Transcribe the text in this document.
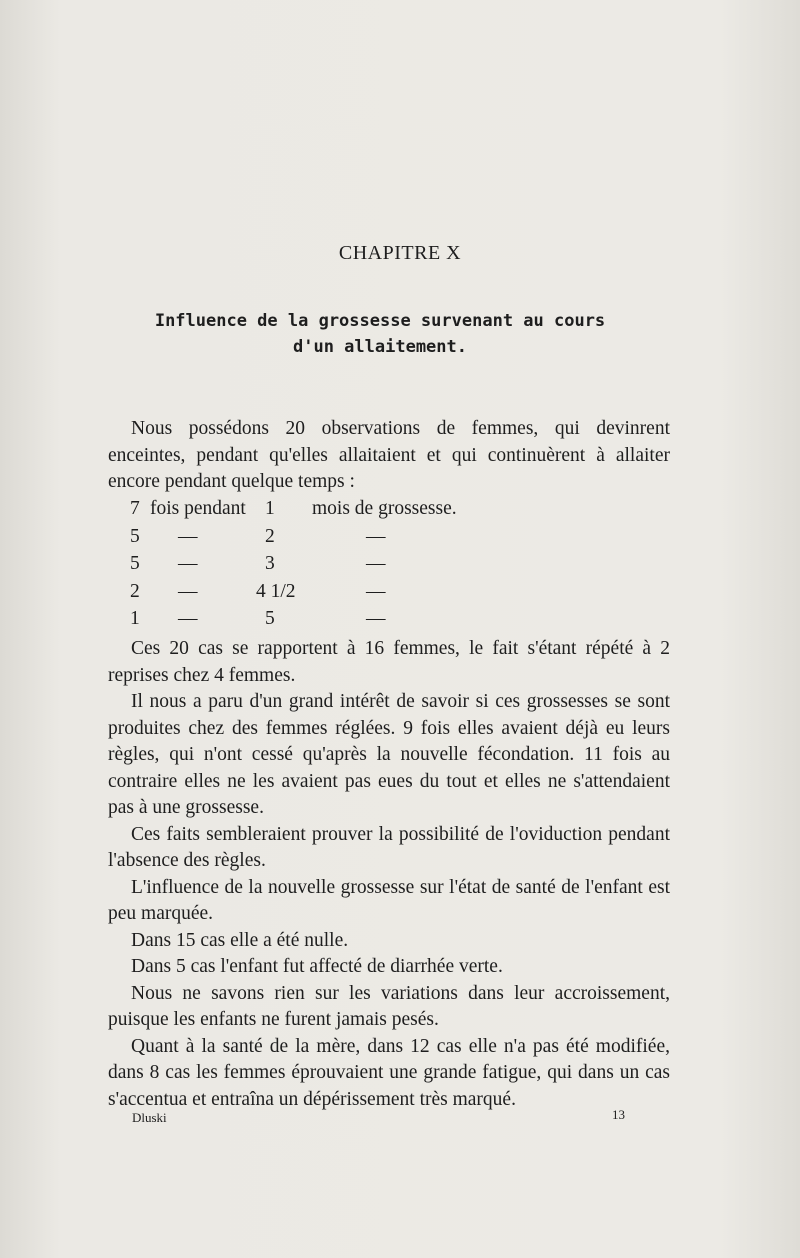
CHAPITRE X
Influence de la grossesse survenant au cours
d'un allaitement.

Nous possédons 20 observations de femmes, qui devinrent enceintes, pendant qu'elles allaitaient et qui continuèrent à allaiter encore pendant quelque temps :

7 fois pendant 1 mois de grossesse.
5 —	2	—
5 —	3	—
2 —	4 1/2	—
1 —	5	—

Ces 20 cas se rapportent à 16 femmes, le fait s'étant répété à 2 reprises chez 4 femmes.

Il nous a paru d'un grand intérêt de savoir si ces grossesses se sont produites chez des femmes réglées. 9 fois elles avaient déjà eu leurs règles, qui n'ont cessé qu'après la nouvelle fécondation. 11 fois au contraire elles ne les avaient pas eues du tout et elles ne s'attendaient pas à une grossesse.

Ces faits sembleraient prouver la possibilité de l'oviduction pendant l'absence des règles.

L'influence de la nouvelle grossesse sur l'état de santé de l'enfant est peu marquée.

Dans 15 cas elle a été nulle.

Dans 5 cas l'enfant fut affecté de diarrhée verte.

Nous ne savons rien sur les variations dans leur accroissement, puisque les enfants ne furent jamais pesés.

Quant à la santé de la mère, dans 12 cas elle n'a pas été modifiée, dans 8 cas les femmes éprouvaient une grande fatigue, qui dans un cas s'accentua et entraîna un dépérissement très marqué.

Dluski	13
